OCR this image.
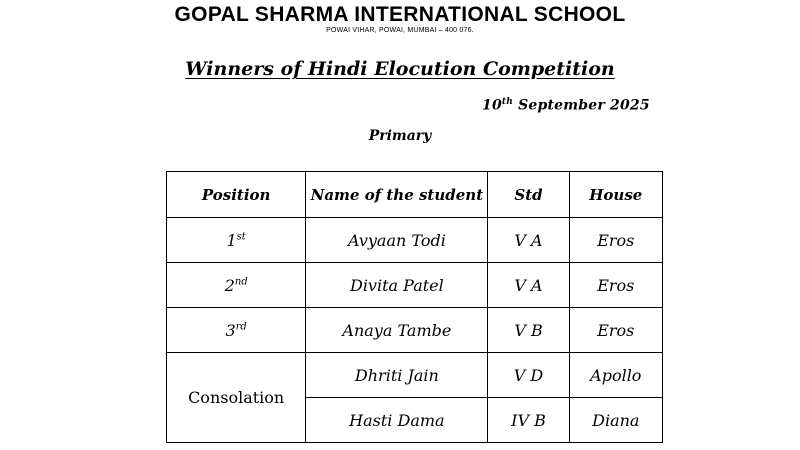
GOPAL SHARMA INTERNATIONAL SCHOOL
POWAI VIHAR, POWAI, MUMBAI – 400 076.
Winners of Hindi Elocution Competition
10th September 2025
Primary
Position	Name of the student	Std	House
1st	Avyaan Todi	V A	Eros
2nd	Divita Patel	V A	Eros
3rd	Anaya Tambe	V B	Eros
Consolation	Dhriti Jain	V D	Apollo
	Hasti Dama	IV B	Diana
